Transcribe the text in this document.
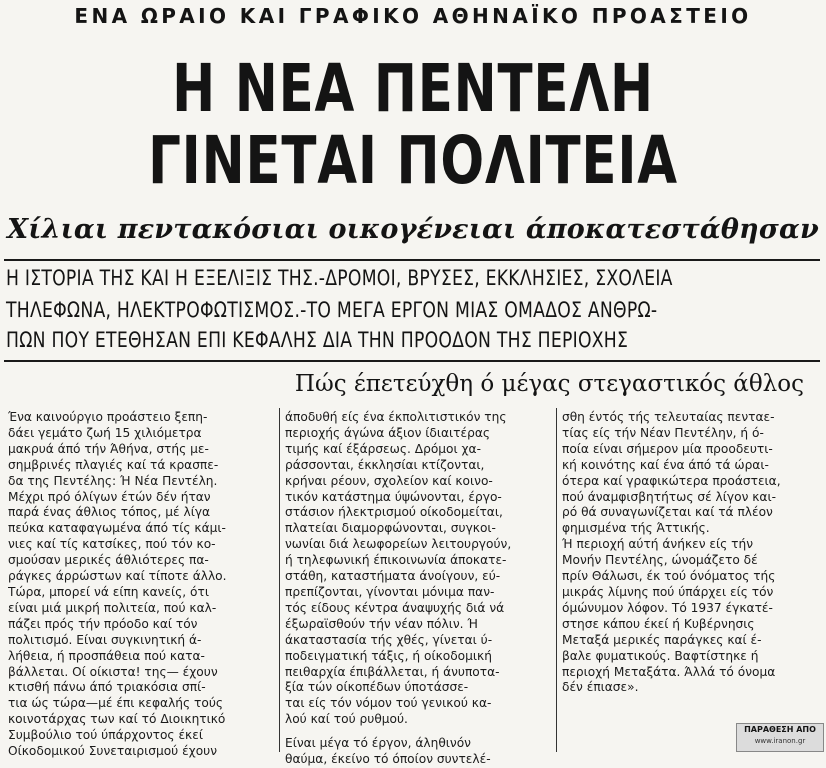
ΕΝΑ ΩΡΑΙΟ ΚΑΙ ΓΡΑΦΙΚΟ ΑΘΗΝΑΪΚΟ ΠΡΟΑΣΤΕΙΟ
Η ΝΕΑ ΠΕΝΤΕΛΗ
ΓΙΝΕΤΑΙ ΠΟΛΙΤΕΙΑ
Χίλιαι πεντακόσιαι οικογένειαι άποκατεστάθησαν
Η ΙΣΤΟΡΙΑ ΤΗΣ ΚΑΙ Η ΕΞΕΛΙΞΙΣ ΤΗΣ.-ΔΡΟΜΟΙ, ΒΡΥΣΕΣ, ΕΚΚΛΗΣΙΕΣ, ΣΧΟΛΕΙΑ
ΤΗΛΕΦΩΝΑ, ΗΛΕΚΤΡΟΦΩΤΙΣΜΟΣ.-ΤΟ ΜΕΓΑ ΕΡΓΟΝ ΜΙΑΣ ΟΜΑΔΟΣ ΑΝΘΡΩ-
ΠΩΝ ΠΟΥ ΕΤΕΘΗΣΑΝ ΕΠΙ ΚΕΦΑΛΗΣ ΔΙΑ ΤΗΝ ΠΡΟΟΔΟΝ ΤΗΣ ΠΕΡΙΟΧΗΣ
Πώς έπετεύχθη ό μέγας στεγαστικός άθλος
Ένα καινούργιο προάστειο ξεπη-
δάει γεμάτο ζωή 15 χιλιόμετρα
μακρυά άπό τήν Άθήνα, στής με-
σημβρινές πλαγιές καί τά κρασπε-
δα της Πεντέλης: Ή Νέα Πεντέλη.
Μέχρι πρό όλίγων έτών δέν ήταν
παρά ένας άθλιος τόπος, μέ λίγα
πεύκα καταφαγωμένα άπό τίς κάμι-
νιες καί τίς κατσίκες, πού τόν κο-
σμούσαν μερικές άθλιότερες πα-
ράγκες άρρώστων καί τίποτε άλλο.
Τώρα, μπορεί νά είπη κανείς, ότι
είναι μιά μικρή πολιτεία, πού καλ-
πάζει πρός τήν πρόοδο καί τόν
πολιτισμό. Είναι συγκινητική ά-
λήθεια, ή προσπάθεια πού κατα-
βάλλεται. Οί οίκιστα! της— έχουν
κτισθή πάνω άπό τριακόσια σπί-
τια ώς τώρα—μέ έπι κεφαλής τούς
κοινοτάρχας των καί τό Διοικητικό
Συμβούλιο τού ύπάρχοντος έκεί
Οίκοδομικού Συνεταιρισμού έχουν
άποδυθή είς ένα έκπολιτιστικόν της
περιοχής άγώνα άξιον ίδιαιτέρας
τιμής καί έξάρσεως. Δρόμοι χα-
ράσσονται, έκκλησίαι κτίζονται,
κρήναι ρέουν, σχολείον καί κοινο-
τικόν κατάστημα ύψώνονται, έργο-
στάσιον ήλεκτρισμού οίκοδομείται,
πλατείαι διαμορφώνονται, συγκοι-
νωνίαι διά λεωφορείων λειτουργούν,
ή τηλεφωνική έπικοινωνία άποκατε-
στάθη, καταστήματα άνοίγουν, εύ-
πρεπίζονται, γίνονται μόνιμα παν-
τός είδους κέντρα άναψυχής διά νά
έξωραϊσθούν τήν νέαν πόλιν. Ή
άκαταστασία τής χθές, γίνεται ύ-
ποδειγματική τάξις, ή οίκοδομική
πειθαρχία έπιβάλλεται, ή άνυποτα-
ξία τών οίκοπέδων ύποτάσσε-
ται είς τόν νόμον τού γενικού κα-
λού καί τού ρυθμού.
Είναι μέγα τό έργον, άληθινόν
θαύμα, έκείνο τό όποίον συντελέ-
σθη έντός τής τελευταίας πενταε-
τίας είς τήν Νέαν Πεντέλην, ή ό-
ποία είναι σήμερον μία προοδευτι-
κή κοινότης καί ένα άπό τά ώραι-
ότερα καί γραφικώτερα προάστεια,
πού άναμφισβητήτως σέ λίγον και-
ρό θά συναγωνίζεται καί τά πλέον
φημισμένα τής Άττικής.
Ή περιοχή αύτή άνήκεν είς τήν
Μονήν Πεντέλης, ώνομάζετο δέ
πρίν Θάλωσι, έκ τού όνόματος τής
μικράς λίμνης πού ύπάρχει είς τόν
όμώνυμον λόφον. Τό 1937 έγκατέ-
στησε κάπου έκεί ή Κυβέρνησις
Μεταξά μερικές παράγκες καί έ-
βαλε φυματικούς. Βαφτίστηκε ή
περιοχή Μεταξάτα. Άλλά τό όνομα
δέν έπιασε».
ΠΑΡΑΘΕΣΗ ΑΠΟ
www.iranon.gr
